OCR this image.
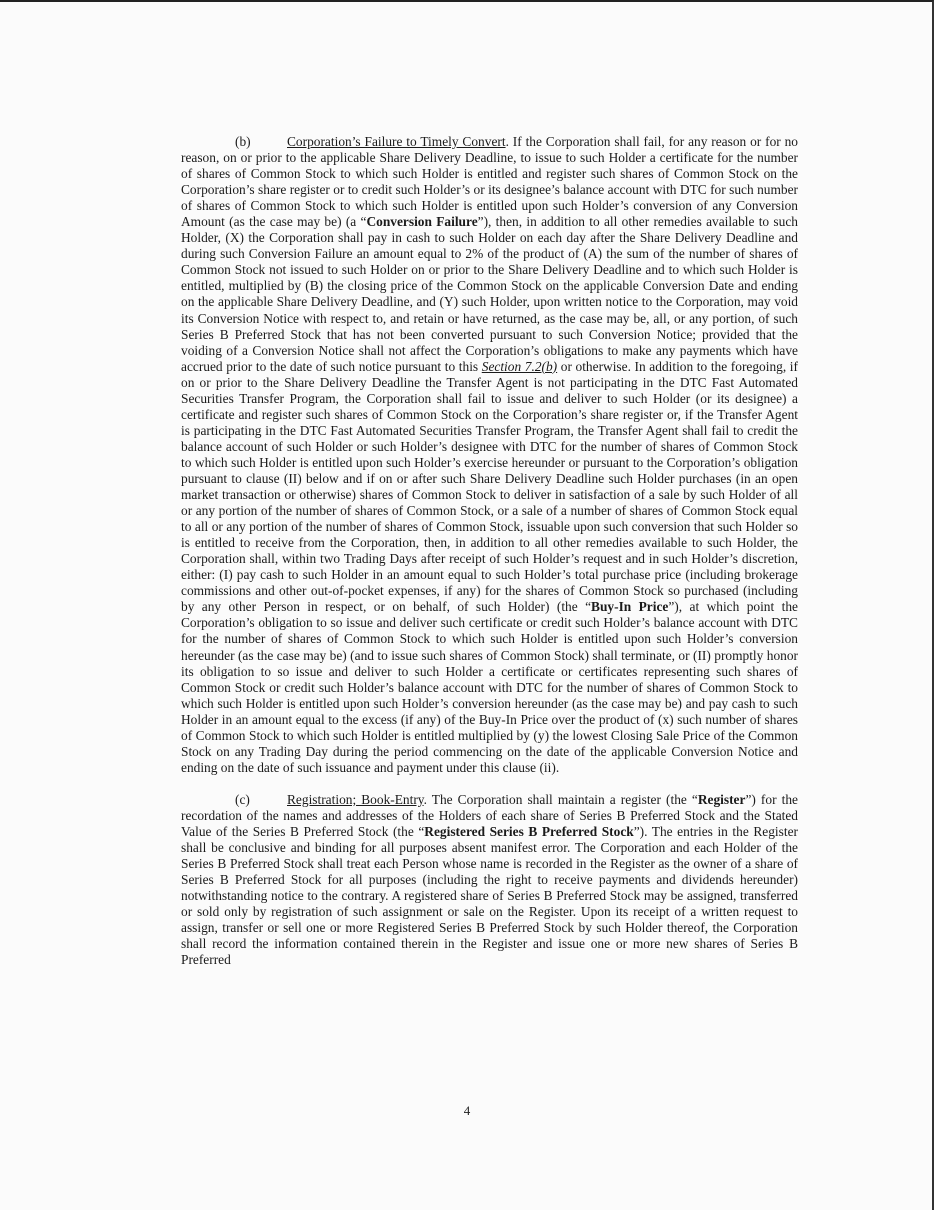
(b)	Corporation’s Failure to Timely Convert. If the Corporation shall fail, for any reason or for no reason, on or prior to the applicable Share Delivery Deadline, to issue to such Holder a certificate for the number of shares of Common Stock to which such Holder is entitled and register such shares of Common Stock on the Corporation’s share register or to credit such Holder’s or its designee’s balance account with DTC for such number of shares of Common Stock to which such Holder is entitled upon such Holder’s conversion of any Conversion Amount (as the case may be) (a “Conversion Failure”), then, in addition to all other remedies available to such Holder, (X) the Corporation shall pay in cash to such Holder on each day after the Share Delivery Deadline and during such Conversion Failure an amount equal to 2% of the product of (A) the sum of the number of shares of Common Stock not issued to such Holder on or prior to the Share Delivery Deadline and to which such Holder is entitled, multiplied by (B) the closing price of the Common Stock on the applicable Conversion Date and ending on the applicable Share Delivery Deadline, and (Y) such Holder, upon written notice to the Corporation, may void its Conversion Notice with respect to, and retain or have returned, as the case may be, all, or any portion, of such Series B Preferred Stock that has not been converted pursuant to such Conversion Notice; provided that the voiding of a Conversion Notice shall not affect the Corporation’s obligations to make any payments which have accrued prior to the date of such notice pursuant to this Section 7.2(b) or otherwise. In addition to the foregoing, if on or prior to the Share Delivery Deadline the Transfer Agent is not participating in the DTC Fast Automated Securities Transfer Program, the Corporation shall fail to issue and deliver to such Holder (or its designee) a certificate and register such shares of Common Stock on the Corporation’s share register or, if the Transfer Agent is participating in the DTC Fast Automated Securities Transfer Program, the Transfer Agent shall fail to credit the balance account of such Holder or such Holder’s designee with DTC for the number of shares of Common Stock to which such Holder is entitled upon such Holder’s exercise hereunder or pursuant to the Corporation’s obligation pursuant to clause (II) below and if on or after such Share Delivery Deadline such Holder purchases (in an open market transaction or otherwise) shares of Common Stock to deliver in satisfaction of a sale by such Holder of all or any portion of the number of shares of Common Stock, or a sale of a number of shares of Common Stock equal to all or any portion of the number of shares of Common Stock, issuable upon such conversion that such Holder so is entitled to receive from the Corporation, then, in addition to all other remedies available to such Holder, the Corporation shall, within two Trading Days after receipt of such Holder’s request and in such Holder’s discretion, either: (I) pay cash to such Holder in an amount equal to such Holder’s total purchase price (including brokerage commissions and other out-of-pocket expenses, if any) for the shares of Common Stock so purchased (including by any other Person in respect, or on behalf, of such Holder) (the “Buy-In Price”), at which point the Corporation’s obligation to so issue and deliver such certificate or credit such Holder’s balance account with DTC for the number of shares of Common Stock to which such Holder is entitled upon such Holder’s conversion hereunder (as the case may be) (and to issue such shares of Common Stock) shall terminate, or (II) promptly honor its obligation to so issue and deliver to such Holder a certificate or certificates representing such shares of Common Stock or credit such Holder’s balance account with DTC for the number of shares of Common Stock to which such Holder is entitled upon such Holder’s conversion hereunder (as the case may be) and pay cash to such Holder in an amount equal to the excess (if any) of the Buy-In Price over the product of (x) such number of shares of Common Stock to which such Holder is entitled multiplied by (y) the lowest Closing Sale Price of the Common Stock on any Trading Day during the period commencing on the date of the applicable Conversion Notice and ending on the date of such issuance and payment under this clause (ii).

(c)	Registration; Book-Entry. The Corporation shall maintain a register (the “Register”) for the recordation of the names and addresses of the Holders of each share of Series B Preferred Stock and the Stated Value of the Series B Preferred Stock (the “Registered Series B Preferred Stock”). The entries in the Register shall be conclusive and binding for all purposes absent manifest error. The Corporation and each Holder of the Series B Preferred Stock shall treat each Person whose name is recorded in the Register as the owner of a share of Series B Preferred Stock for all purposes (including the right to receive payments and dividends hereunder) notwithstanding notice to the contrary. A registered share of Series B Preferred Stock may be assigned, transferred or sold only by registration of such assignment or sale on the Register. Upon its receipt of a written request to assign, transfer or sell one or more Registered Series B Preferred Stock by such Holder thereof, the Corporation shall record the information contained therein in the Register and issue one or more new shares of Series B Preferred

4
